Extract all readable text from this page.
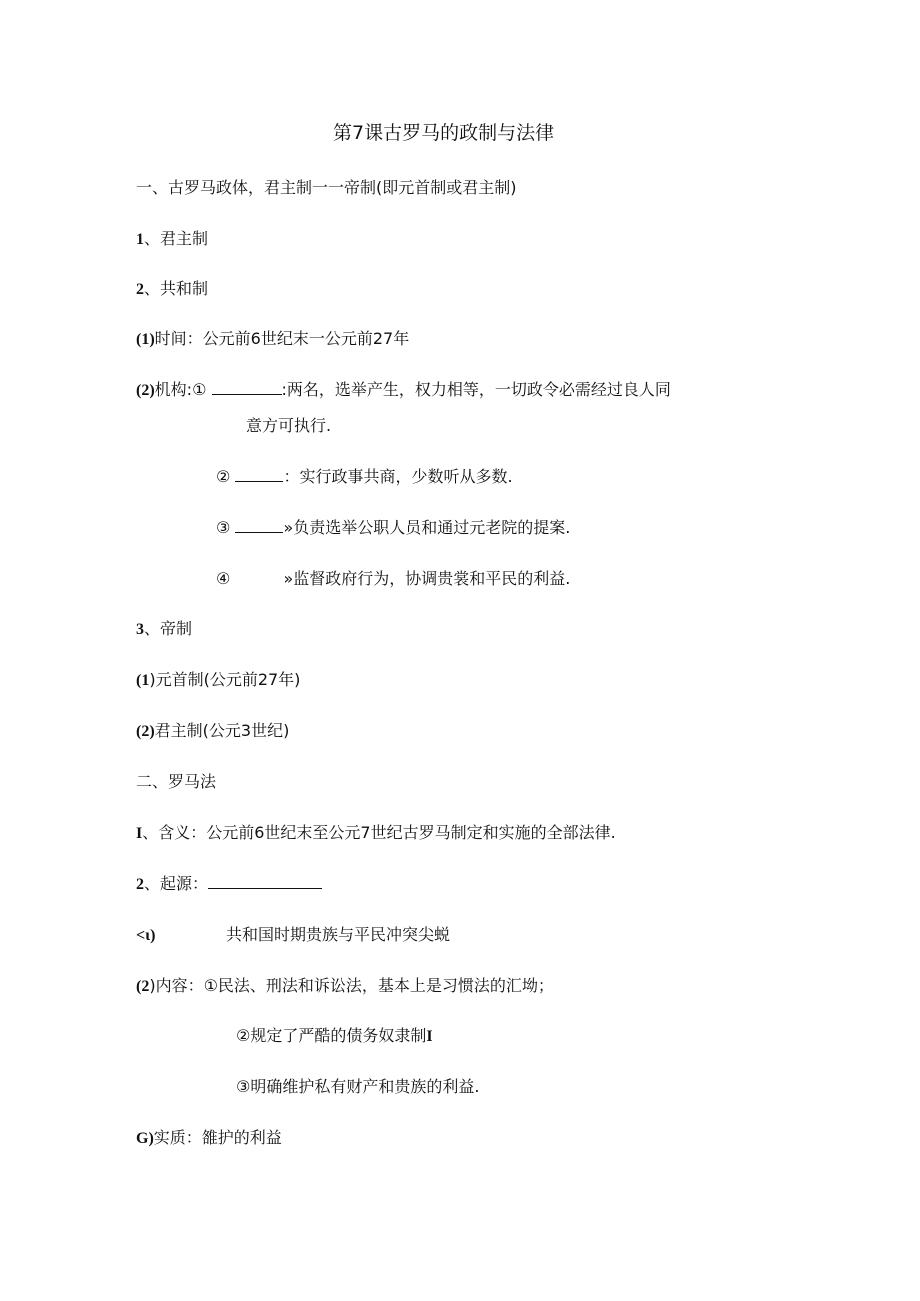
第7课古罗马的政制与法律
一、古罗马政体，君主制一一帝制(即元首制或君主制)
1、君主制
2、共和制
(1)时间：公元前6世纪末一公元前27年
(2)机构:①	:两名，选举产生，权力相等，一切政令必需经过良人同
意方可执行.
②	：实行政事共商，少数听从多数.
③	»负责选举公职人员和通过元老院的提案.
④	»监督政府行为，协调贵裳和平民的利益.
3、帝制
(1)元首制(公元前27年)
(2)君主制(公元3世纪)
二、罗马法
I、含义：公元前6世纪末至公元7世纪古罗马制定和实施的全部法律.
2、起源：
<ι)	共和国时期贵族与平民冲突尖蜕
(2)内容：①民法、刑法和诉讼法，基本上是习惯法的汇坳；
②规定了严酷的债务奴隶制I
③明确维护私有财产和贵族的利益.
G)实质：雒护的利益
